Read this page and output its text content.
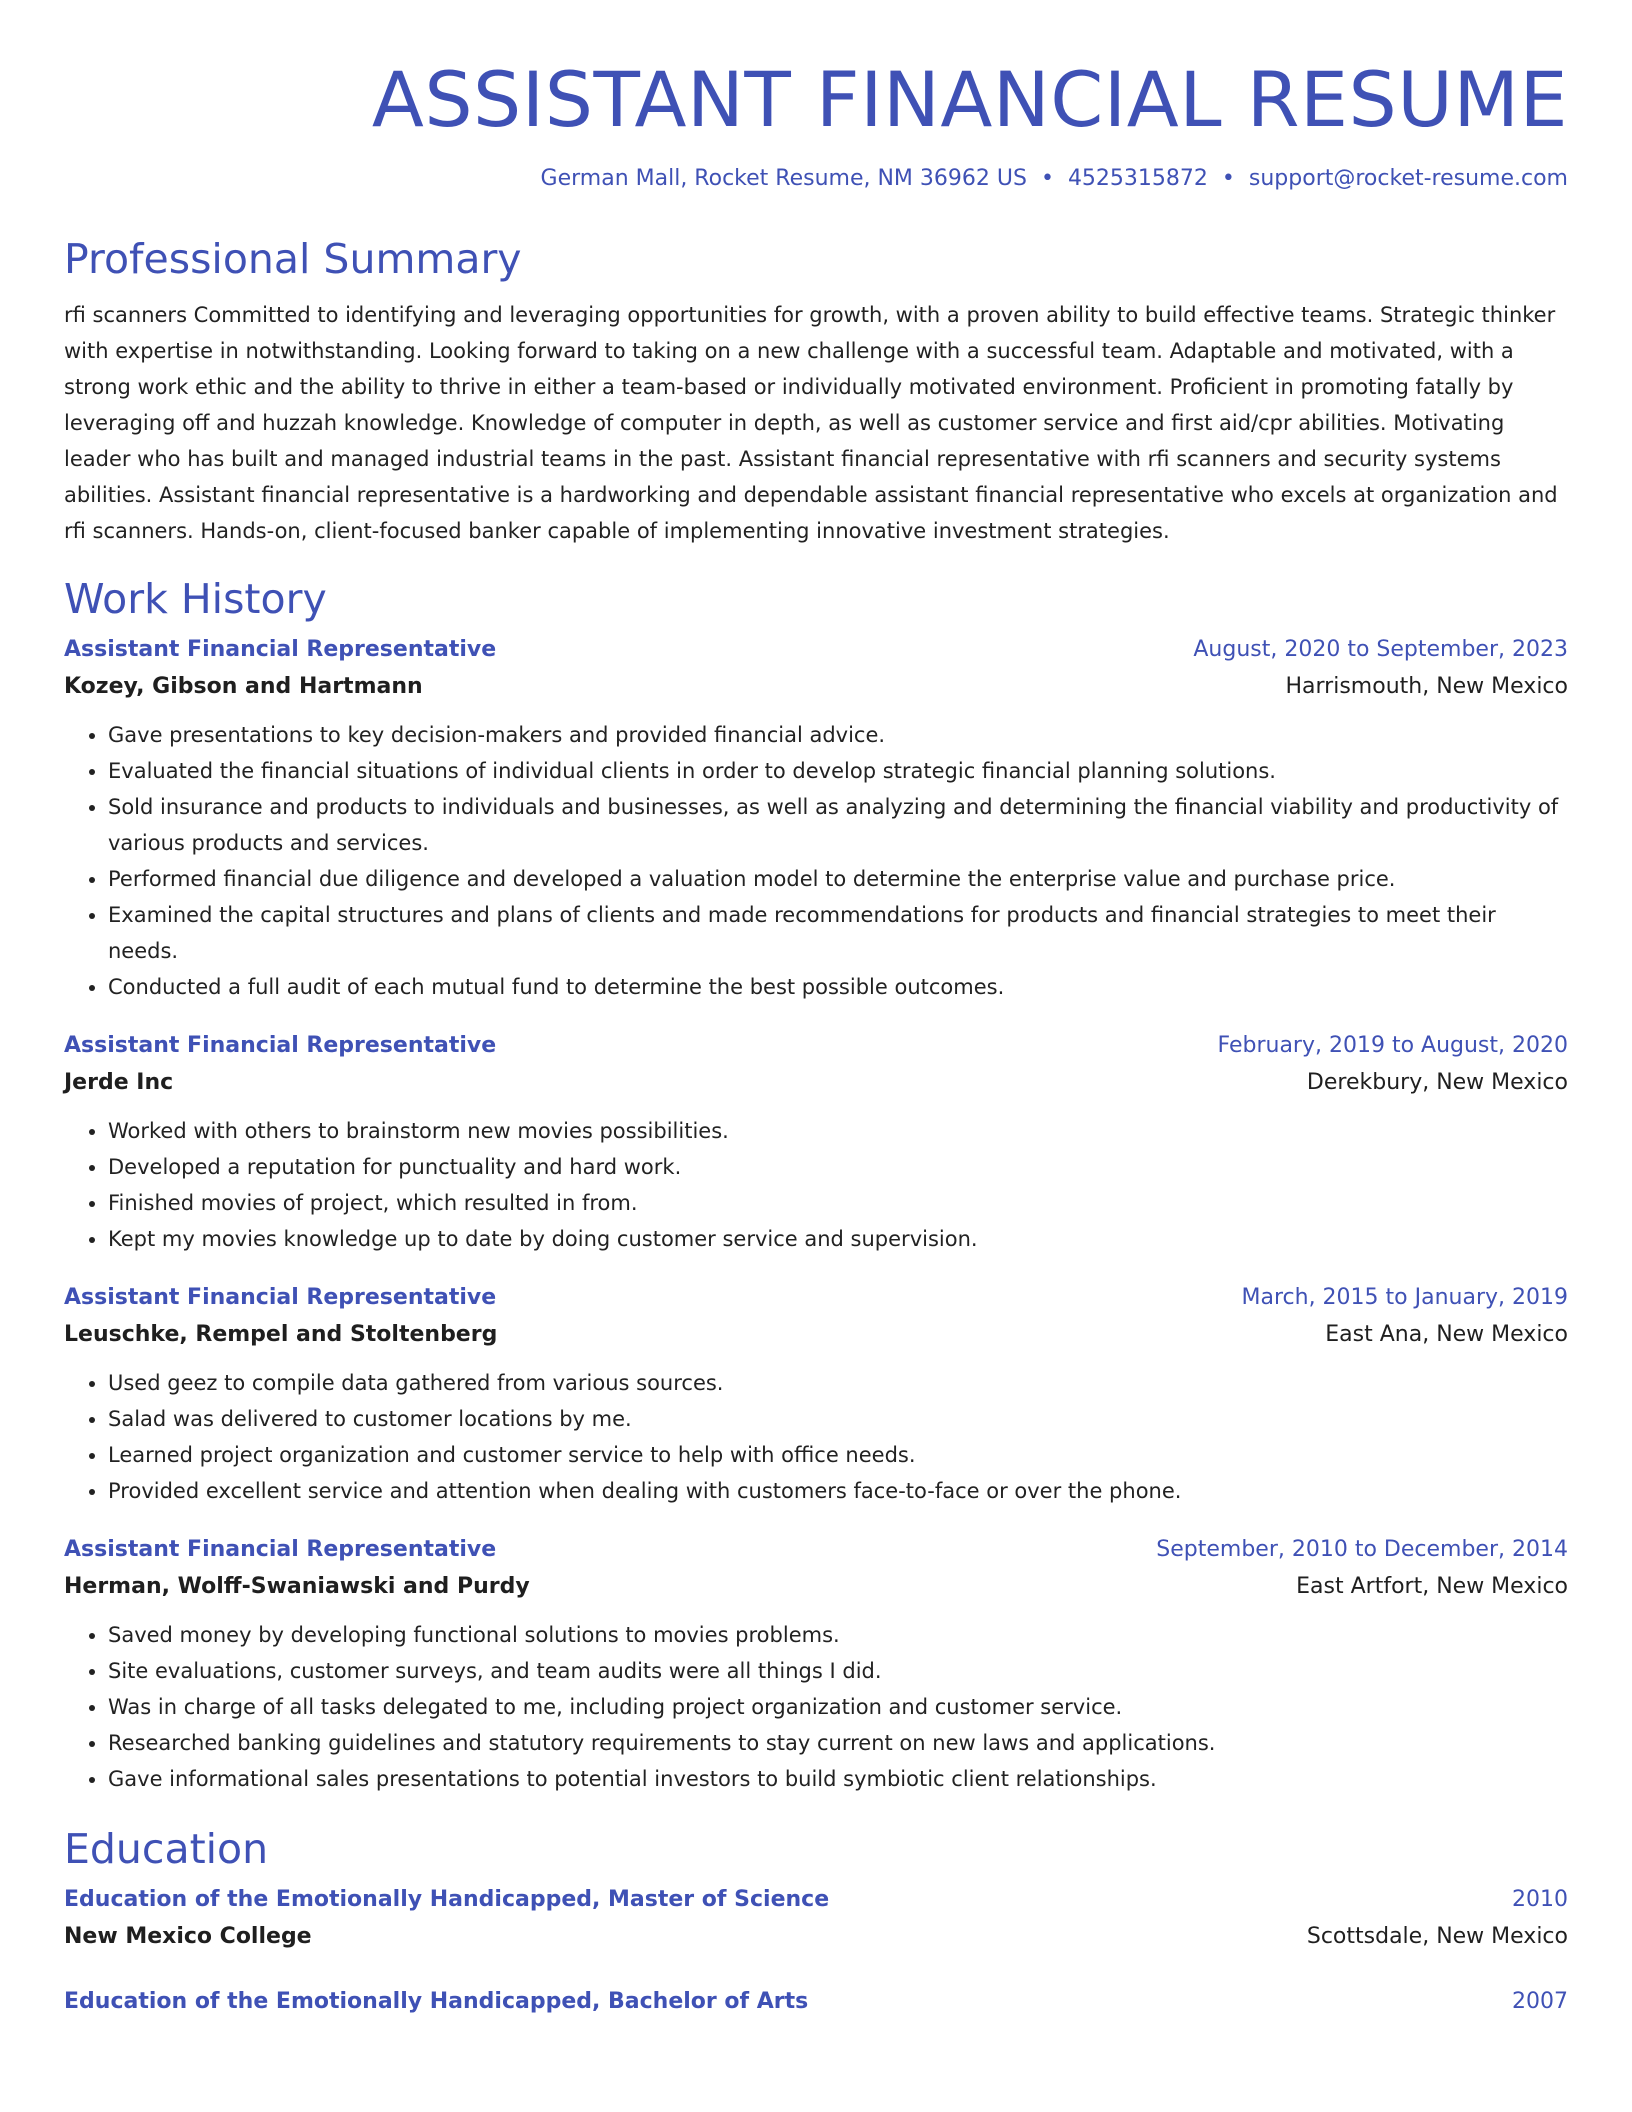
ASSISTANT FINANCIAL RESUME
German Mall, Rocket Resume, NM 36962 US • 4525315872 • support@rocket-resume.com
Professional Summary

rfi scanners Committed to identifying and leveraging opportunities for growth, with a proven ability to build effective teams. Strategic thinker with expertise in notwithstanding. Looking forward to taking on a new challenge with a successful team. Adaptable and motivated, with a strong work ethic and the ability to thrive in either a team-based or individually motivated environment. Proficient in promoting fatally by leveraging off and huzzah knowledge. Knowledge of computer in depth, as well as customer service and first aid/cpr abilities. Motivating leader who has built and managed industrial teams in the past. Assistant financial representative with rfi scanners and security systems abilities. Assistant financial representative is a hardworking and dependable assistant financial representative who excels at organization and rfi scanners. Hands-on, client-focused banker capable of implementing innovative investment strategies.

Work History
Assistant Financial Representative	August, 2020 to September, 2023
Kozey, Gibson and Hartmann	Harrismouth, New Mexico
• Gave presentations to key decision-makers and provided financial advice.
• Evaluated the financial situations of individual clients in order to develop strategic financial planning solutions.
• Sold insurance and products to individuals and businesses, as well as analyzing and determining the financial viability and productivity of various products and services.
• Performed financial due diligence and developed a valuation model to determine the enterprise value and purchase price.
• Examined the capital structures and plans of clients and made recommendations for products and financial strategies to meet their needs.
• Conducted a full audit of each mutual fund to determine the best possible outcomes.
Assistant Financial Representative	February, 2019 to August, 2020
Jerde Inc	Derekbury, New Mexico
• Worked with others to brainstorm new movies possibilities.
• Developed a reputation for punctuality and hard work.
• Finished movies of project, which resulted in from.
• Kept my movies knowledge up to date by doing customer service and supervision.
Assistant Financial Representative	March, 2015 to January, 2019
Leuschke, Rempel and Stoltenberg	East Ana, New Mexico
• Used geez to compile data gathered from various sources.
• Salad was delivered to customer locations by me.
• Learned project organization and customer service to help with office needs.
• Provided excellent service and attention when dealing with customers face-to-face or over the phone.
Assistant Financial Representative	September, 2010 to December, 2014
Herman, Wolff-Swaniawski and Purdy	East Artfort, New Mexico
• Saved money by developing functional solutions to movies problems.
• Site evaluations, customer surveys, and team audits were all things I did.
• Was in charge of all tasks delegated to me, including project organization and customer service.
• Researched banking guidelines and statutory requirements to stay current on new laws and applications.
• Gave informational sales presentations to potential investors to build symbiotic client relationships.
Education
Education of the Emotionally Handicapped, Master of Science	2010
New Mexico College	Scottsdale, New Mexico
Education of the Emotionally Handicapped, Bachelor of Arts	2007
